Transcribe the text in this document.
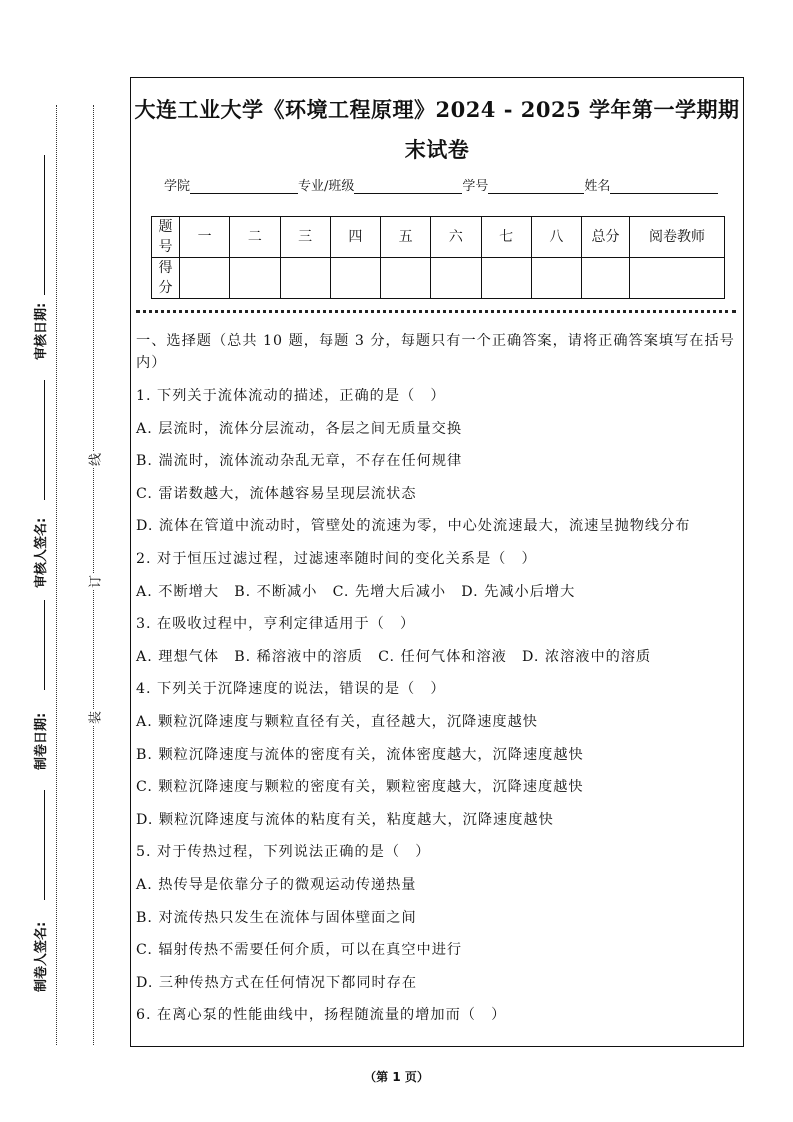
审核日期:
审核人签名:
制卷日期:
制卷人签名:
线
订
装
大连工业大学《环境工程原理》2024 - 2025 学年第一学期期末试卷
学院	专业/班级	学号	姓名
题号	一	二	三	四	五	六	七	八	总分	阅卷教师
得分										

一、选择题（总共 10 题，每题 3 分，每题只有一个正确答案，请将正确答案填写在括号内）

1. 下列关于流体流动的描述，正确的是（　）

A. 层流时，流体分层流动，各层之间无质量交换

B. 湍流时，流体流动杂乱无章，不存在任何规律

C. 雷诺数越大，流体越容易呈现层流状态

D. 流体在管道中流动时，管壁处的流速为零，中心处流速最大，流速呈抛物线分布

2. 对于恒压过滤过程，过滤速率随时间的变化关系是（　）

A. 不断增大　B. 不断减小　C. 先增大后减小　D. 先减小后增大

3. 在吸收过程中，亨利定律适用于（　）

A. 理想气体　B. 稀溶液中的溶质　C. 任何气体和溶液　D. 浓溶液中的溶质

4. 下列关于沉降速度的说法，错误的是（　）

A. 颗粒沉降速度与颗粒直径有关，直径越大，沉降速度越快

B. 颗粒沉降速度与流体的密度有关，流体密度越大，沉降速度越快

C. 颗粒沉降速度与颗粒的密度有关，颗粒密度越大，沉降速度越快

D. 颗粒沉降速度与流体的粘度有关，粘度越大，沉降速度越快

5. 对于传热过程，下列说法正确的是（　）

A. 热传导是依靠分子的微观运动传递热量

B. 对流传热只发生在流体与固体壁面之间

C. 辐射传热不需要任何介质，可以在真空中进行

D. 三种传热方式在任何情况下都同时存在

6. 在离心泵的性能曲线中，扬程随流量的增加而（　）

（第 1 页）
